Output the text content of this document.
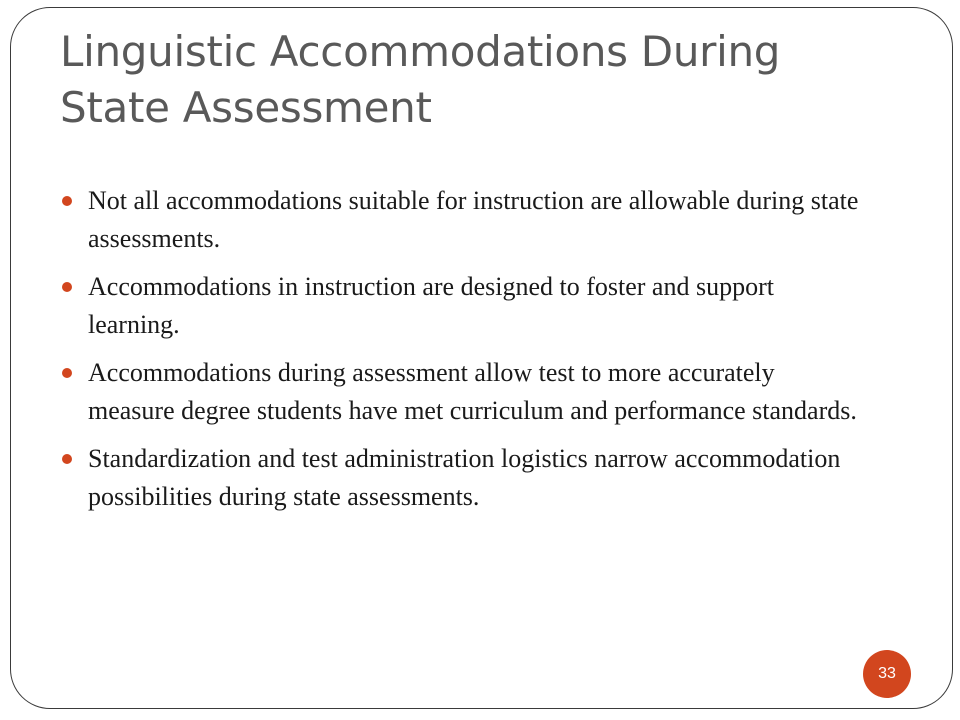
Linguistic Accommodations During State Assessment
Not all accommodations suitable for instruction are allowable during state assessments.
Accommodations in instruction are designed to foster and support learning.
Accommodations during assessment allow test to more accurately measure degree students have met curriculum and performance standards.
Standardization and test administration logistics narrow accommodation possibilities during state assessments.
33
